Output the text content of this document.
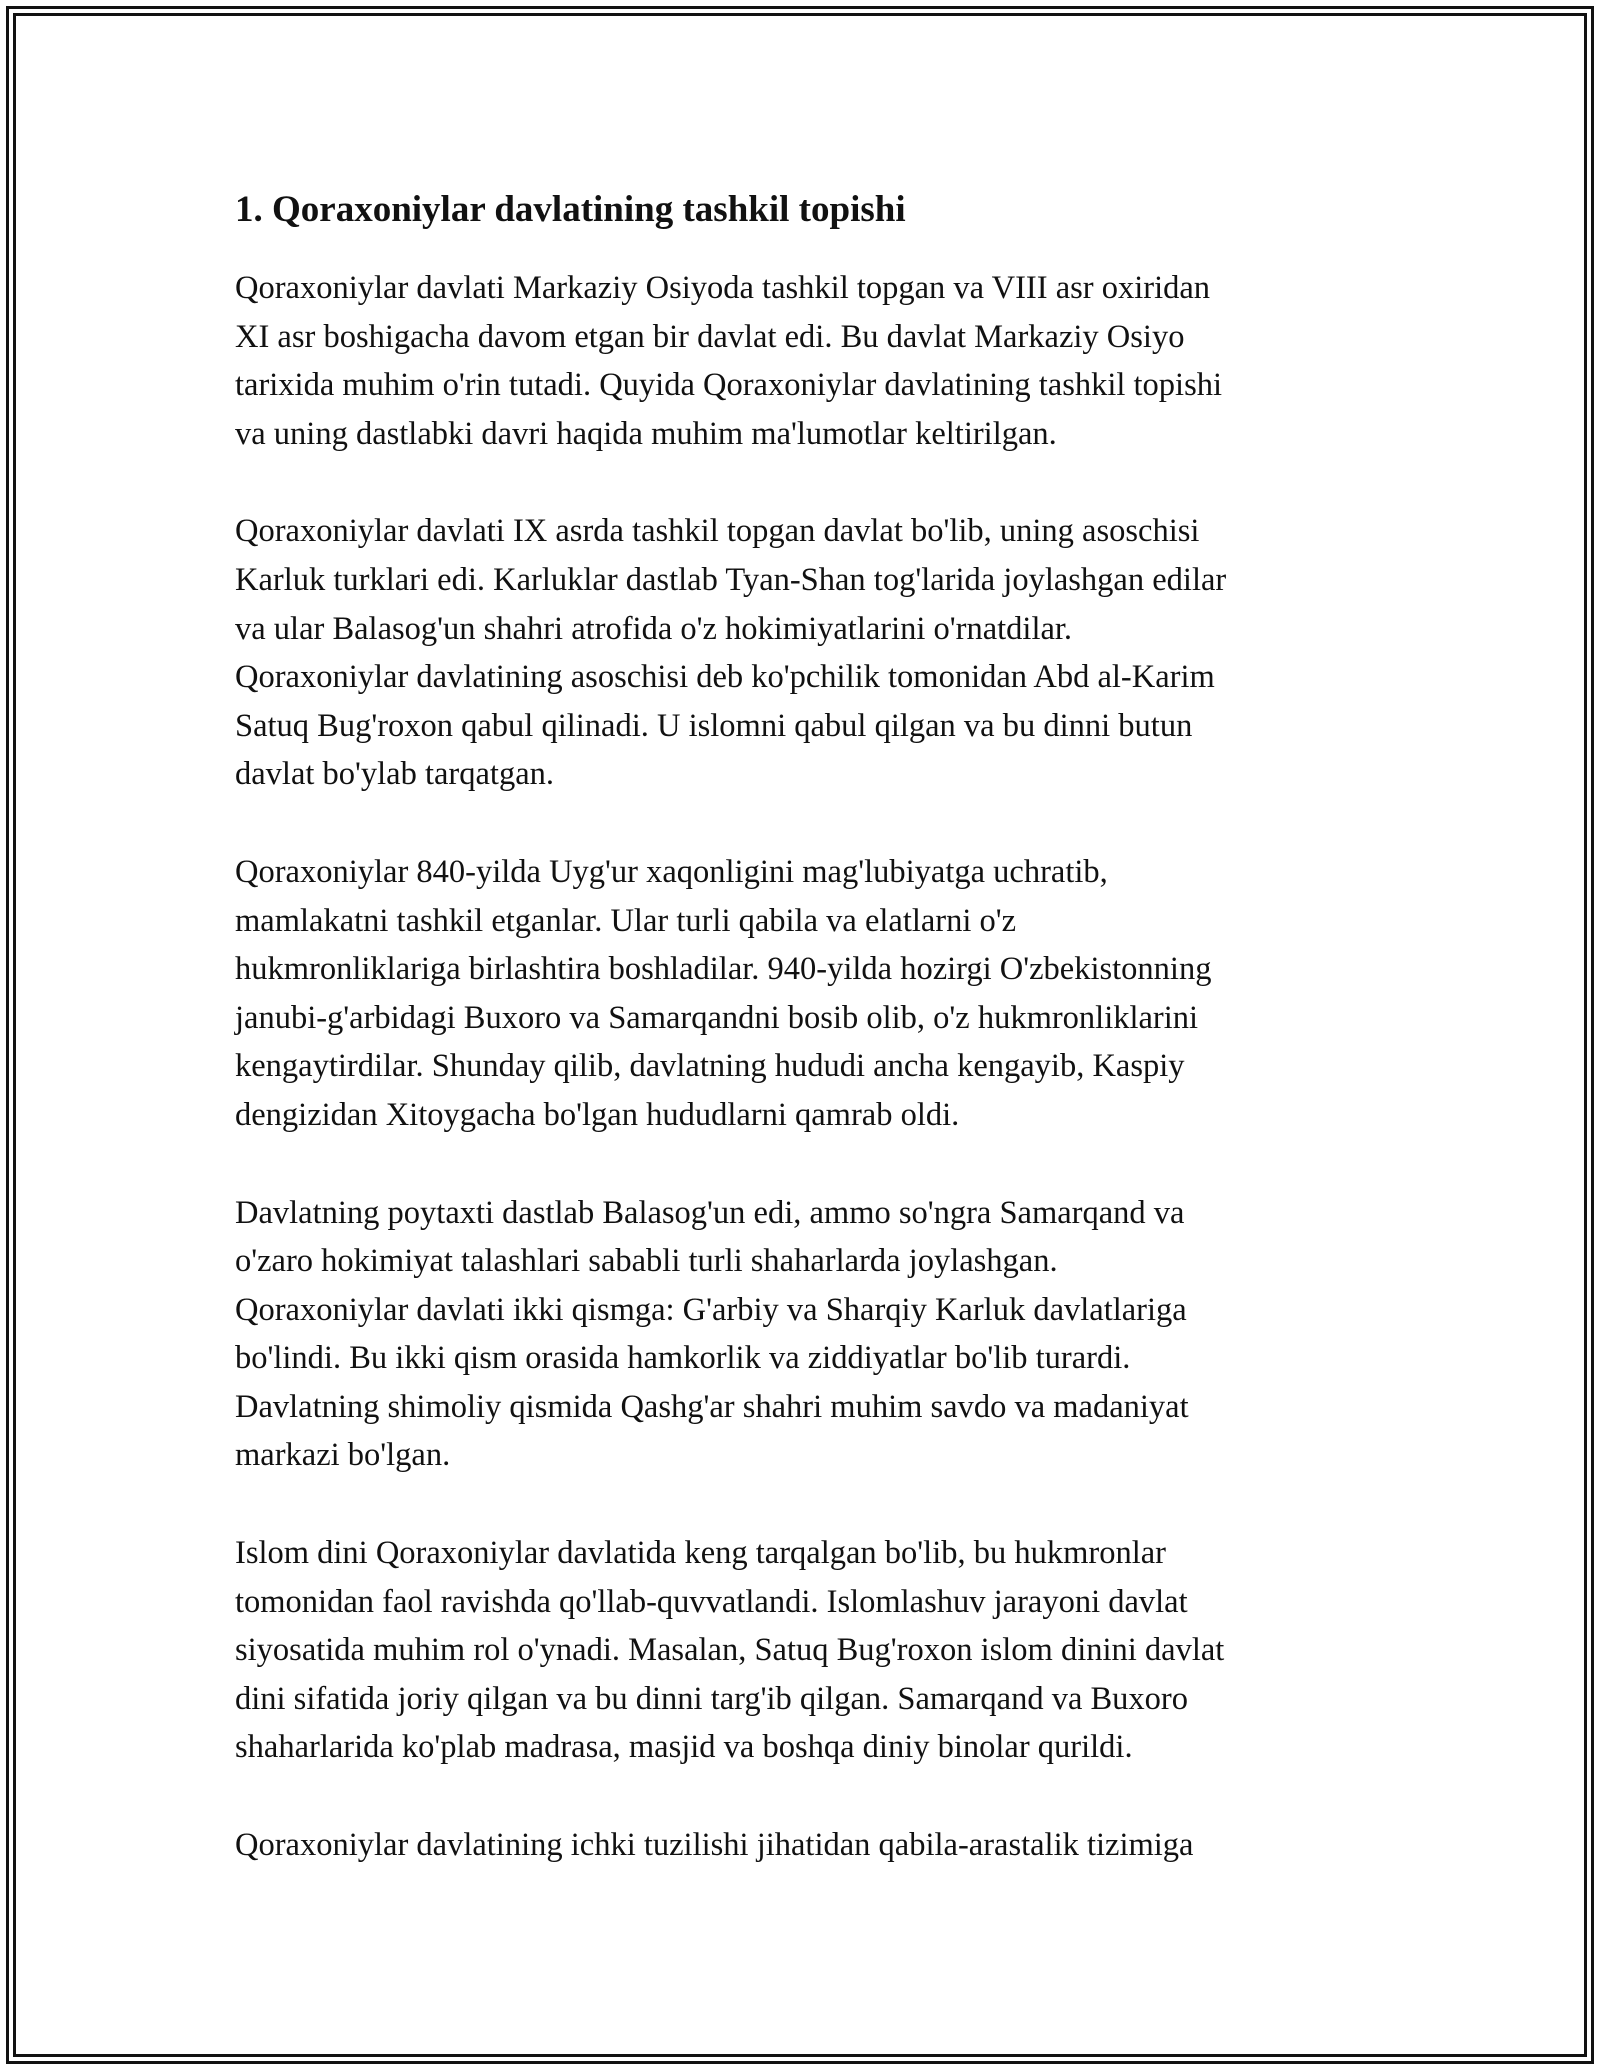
1. Qoraxoniylar davlatining tashkil topishi

Qoraxoniylar davlati Markaziy Osiyoda tashkil topgan va VIII asr oxiridan
XI asr boshigacha davom etgan bir davlat edi. Bu davlat Markaziy Osiyo
tarixida muhim o'rin tutadi. Quyida Qoraxoniylar davlatining tashkil topishi
va uning dastlabki davri haqida muhim ma'lumotlar keltirilgan.

Qoraxoniylar davlati IX asrda tashkil topgan davlat bo'lib, uning asoschisi
Karluk turklari edi. Karluklar dastlab Tyan-Shan tog'larida joylashgan edilar
va ular Balasog'un shahri atrofida o'z hokimiyatlarini o'rnatdilar.
Qoraxoniylar davlatining asoschisi deb ko'pchilik tomonidan Abd al-Karim
Satuq Bug'roxon qabul qilinadi. U islomni qabul qilgan va bu dinni butun
davlat bo'ylab tarqatgan.

Qoraxoniylar 840-yilda Uyg'ur xaqonligini mag'lubiyatga uchratib,
mamlakatni tashkil etganlar. Ular turli qabila va elatlarni o'z
hukmronliklariga birlashtira boshladilar. 940-yilda hozirgi O'zbekistonning
janubi-g'arbidagi Buxoro va Samarqandni bosib olib, o'z hukmronliklarini
kengaytirdilar. Shunday qilib, davlatning hududi ancha kengayib, Kaspiy
dengizidan Xitoygacha bo'lgan hududlarni qamrab oldi.

Davlatning poytaxti dastlab Balasog'un edi, ammo so'ngra Samarqand va
o'zaro hokimiyat talashlari sababli turli shaharlarda joylashgan.
Qoraxoniylar davlati ikki qismga: G'arbiy va Sharqiy Karluk davlatlariga
bo'lindi. Bu ikki qism orasida hamkorlik va ziddiyatlar bo'lib turardi.
Davlatning shimoliy qismida Qashg'ar shahri muhim savdo va madaniyat
markazi bo'lgan.

Islom dini Qoraxoniylar davlatida keng tarqalgan bo'lib, bu hukmronlar
tomonidan faol ravishda qo'llab-quvvatlandi. Islomlashuv jarayoni davlat
siyosatida muhim rol o'ynadi. Masalan, Satuq Bug'roxon islom dinini davlat
dini sifatida joriy qilgan va bu dinni targ'ib qilgan. Samarqand va Buxoro
shaharlarida ko'plab madrasa, masjid va boshqa diniy binolar qurildi.

Qoraxoniylar davlatining ichki tuzilishi jihatidan qabila-arastalik tizimiga
